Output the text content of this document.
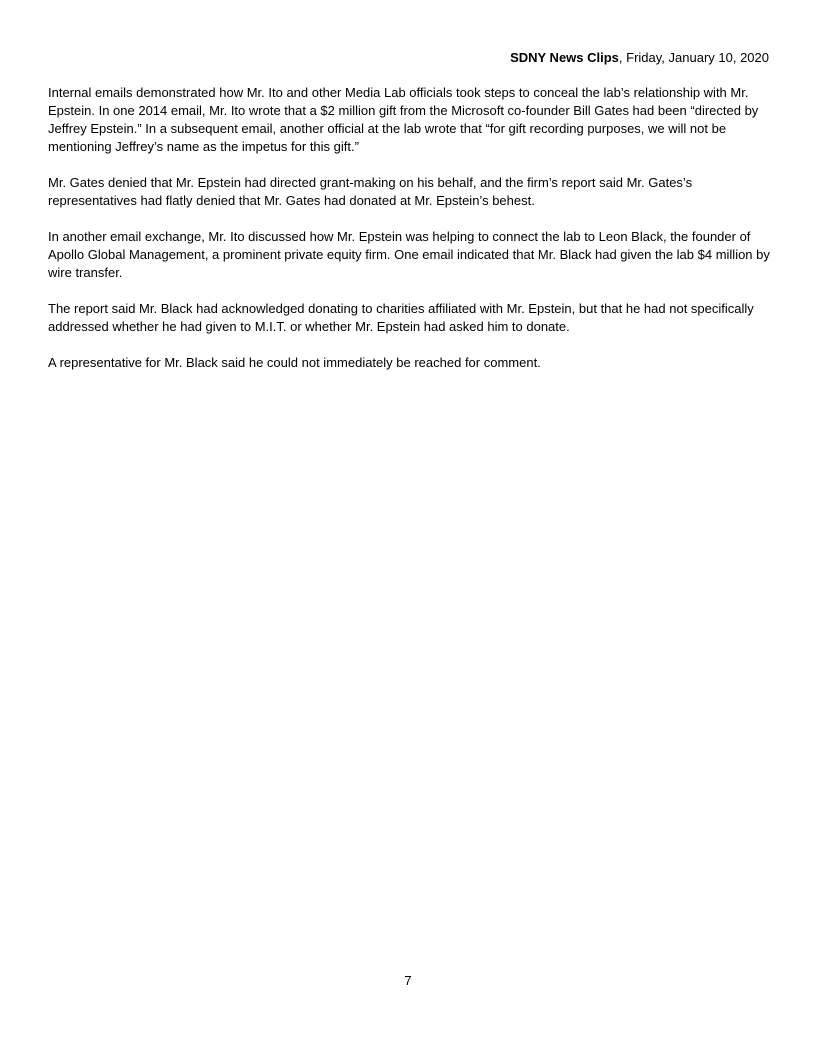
SDNY News Clips, Friday, January 10, 2020

Internal emails demonstrated how Mr. Ito and other Media Lab officials took steps to conceal the lab’s relationship with Mr. Epstein. In one 2014 email, Mr. Ito wrote that a $2 million gift from the Microsoft co-founder Bill Gates had been “directed by Jeffrey Epstein.” In a subsequent email, another official at the lab wrote that “for gift recording purposes, we will not be mentioning Jeffrey’s name as the impetus for this gift.”

Mr. Gates denied that Mr. Epstein had directed grant-making on his behalf, and the firm’s report said Mr. Gates’s representatives had flatly denied that Mr. Gates had donated at Mr. Epstein’s behest.

In another email exchange, Mr. Ito discussed how Mr. Epstein was helping to connect the lab to Leon Black, the founder of Apollo Global Management, a prominent private equity firm. One email indicated that Mr. Black had given the lab $4 million by wire transfer.

The report said Mr. Black had acknowledged donating to charities affiliated with Mr. Epstein, but that he had not specifically addressed whether he had given to M.I.T. or whether Mr. Epstein had asked him to donate.

A representative for Mr. Black said he could not immediately be reached for comment.

7
